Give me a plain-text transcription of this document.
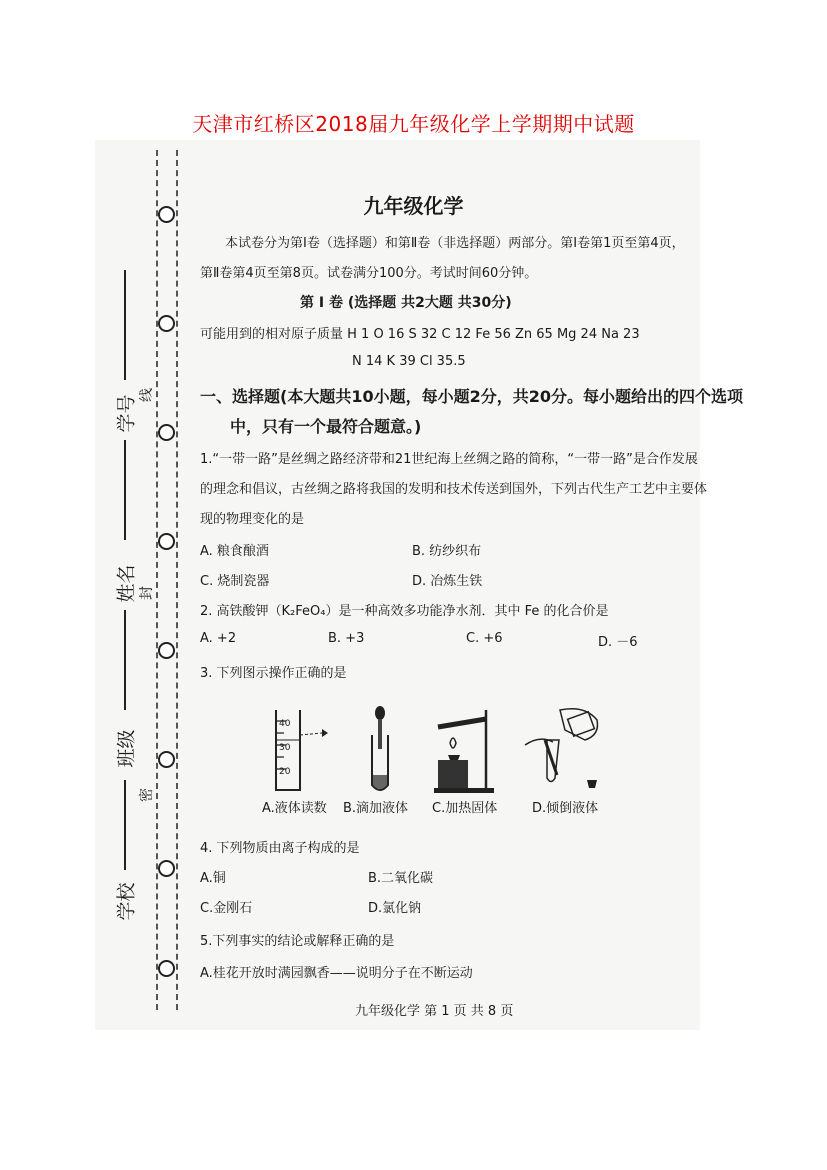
天津市红桥区2018届九年级化学上学期期中试题
学号
姓名
班级
学校
线
封
密
九年级化学
本试卷分为第Ⅰ卷（选择题）和第Ⅱ卷（非选择题）两部分。第Ⅰ卷第1页至第4页，
第Ⅱ卷第4页至第8页。试卷满分100分。考试时间60分钟。
第 Ⅰ 卷 (选择题 共2大题 共30分)
可能用到的相对原子质量 H 1 O 16 S 32 C 12 Fe 56 Zn 65 Mg 24 Na 23
N 14 K 39 Cl 35.5
一、选择题(本大题共10小题，每小题2分，共20分。每小题给出的四个选项
中，只有一个最符合题意。)
1.“一带一路”是丝绸之路经济带和21世纪海上丝绸之路的简称，“一带一路”是合作发展
的理念和倡议，古丝绸之路将我国的发明和技术传送到国外，下列古代生产工艺中主要体
现的物理变化的是
A. 粮食酿酒	B. 纺纱织布
C. 烧制瓷器	D. 冶炼生铁
2. 高铁酸钾（K₂FeO₄）是一种高效多功能净水剂．其中 Fe 的化合价是
A. +2	B. +3	C. +6	D. －6
3. 下列图示操作正确的是
40
30
20
A.液体读数 B.滴加液体 C.加热固体	D.倾倒液体
4. 下列物质由离子构成的是
A.铜	B.二氧化碳
C.金刚石	D.氯化钠
5.下列事实的结论或解释正确的是
A.桂花开放时满园飘香——说明分子在不断运动
九年级化学 第 1 页 共 8 页
